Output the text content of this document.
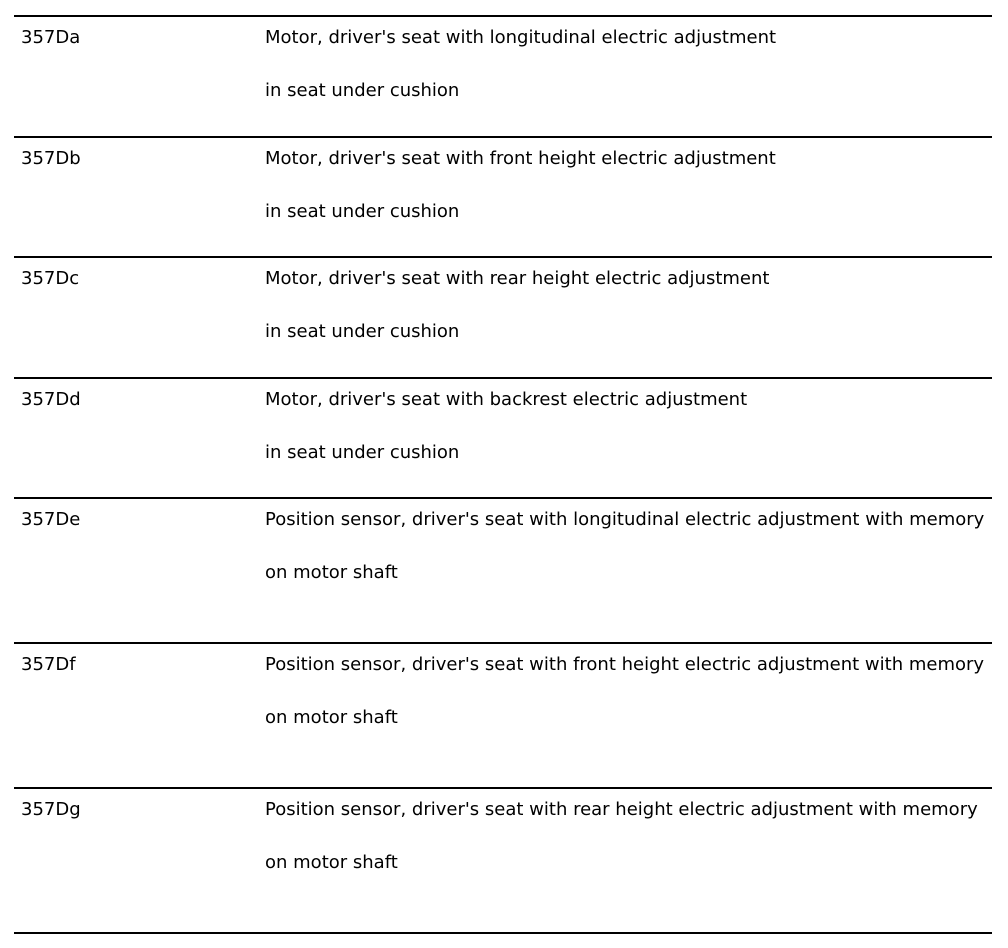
357Da	Motor, driver's seat with longitudinal electric adjustment
in seat under cushion
357Db	Motor, driver's seat with front height electric adjustment
in seat under cushion
357Dc	Motor, driver's seat with rear height electric adjustment
in seat under cushion
357Dd	Motor, driver's seat with backrest electric adjustment
in seat under cushion
357De	Position sensor, driver's seat with longitudinal electric adjustment with memory
on motor shaft
357Df	Position sensor, driver's seat with front height electric adjustment with memory
on motor shaft
357Dg	Position sensor, driver's seat with rear height electric adjustment with memory
on motor shaft
